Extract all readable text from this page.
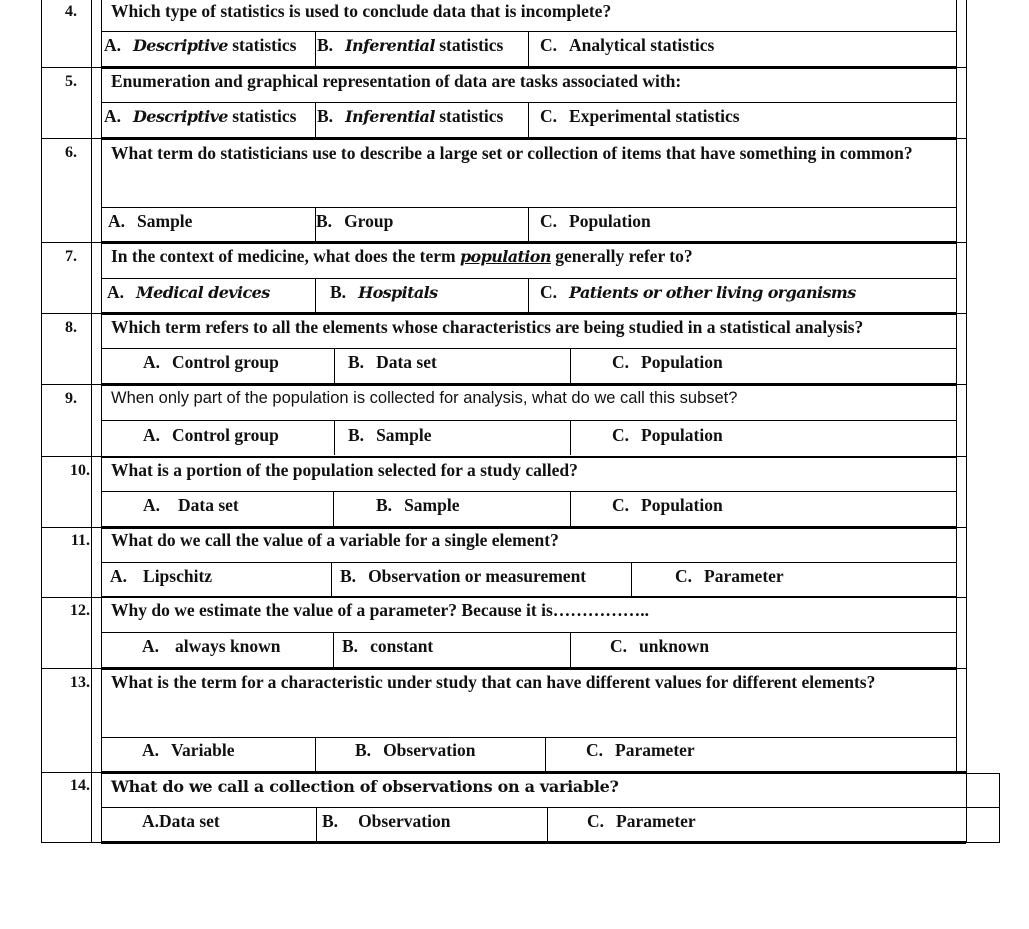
4. Which type of statistics is used to conclude data that is incomplete?
A. Descriptive statistics B. Inferential statistics C. Analytical statistics
5. Enumeration and graphical representation of data are tasks associated with:
A. Descriptive statistics B. Inferential statistics C. Experimental statistics
6. What term do statisticians use to describe a large set or collection of items that have something in common?
A. Sample	B. Group	C. Population
7. In the context of medicine, what does the term population generally refer to?
A. Medical devices	B. Hospitals	C. Patients or other living organisms
8. Which term refers to all the elements whose characteristics are being studied in a statistical analysis?
A. Control group	B. Data set	C. Population
9. When only part of the population is collected for analysis, what do we call this subset?
A. Control group	B. Sample	C. Population
10. What is a portion of the population selected for a study called?
A. Data set	B. Sample	C. Population
11. What do we call the value of a variable for a single element?
A. Lipschitz	B. Observation or measurement	C. Parameter
12. Why do we estimate the value of a parameter? Because it is……………..
A. always known	B. constant	C. unknown
13. What is the term for a characteristic under study that can have different values for different elements?
A. Variable	B. Observation	C. Parameter
14. What do we call a collection of observations on a variable?
A.Data set	B. Observation	C. Parameter
